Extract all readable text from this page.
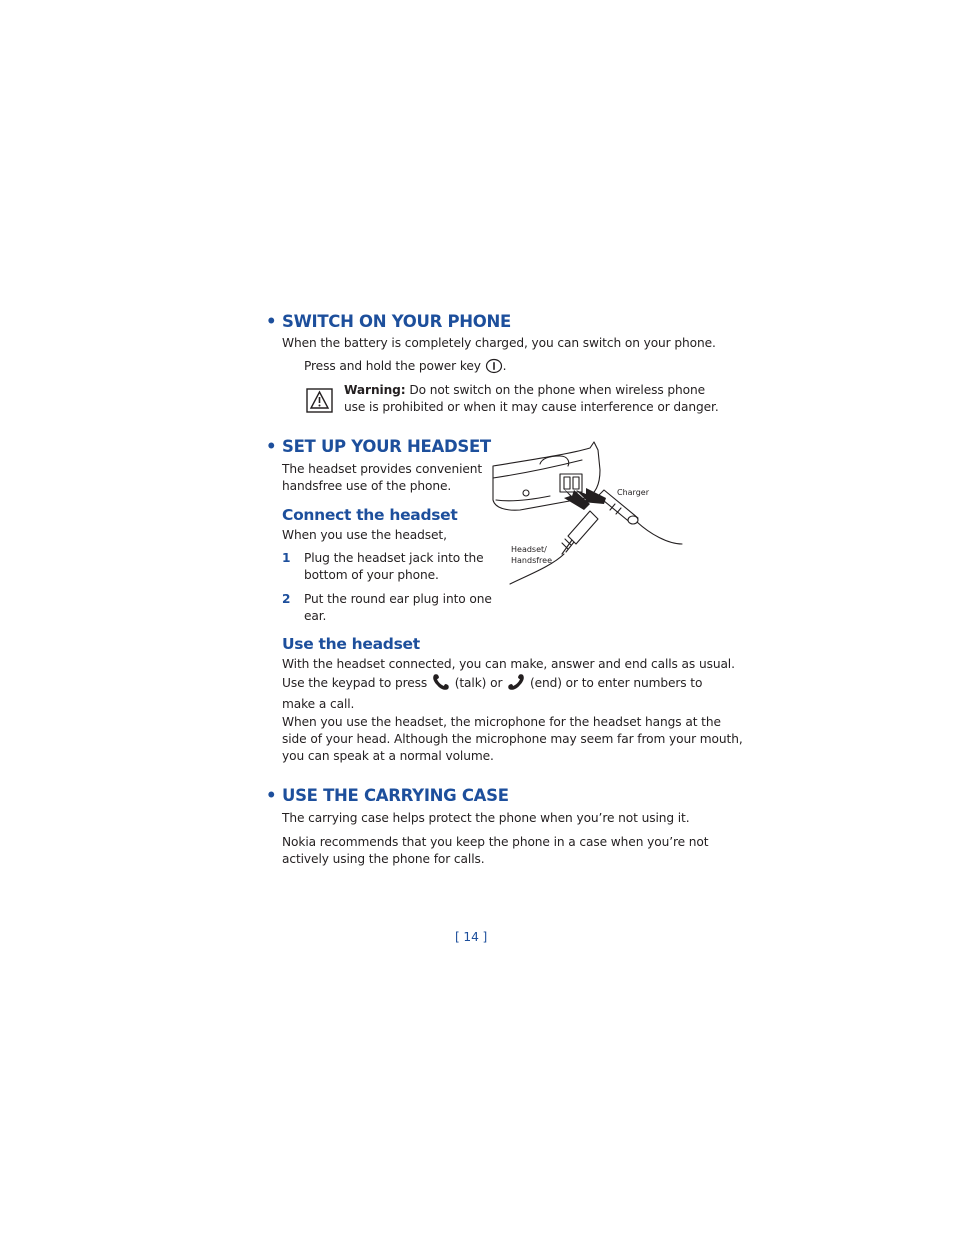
• SWITCH ON YOUR PHONE
When the battery is completely charged, you can switch on your phone.
Press and hold the power key .
Warning: Do not switch on the phone when wireless phone
use is prohibited or when it may cause interference or danger.
• SET UP YOUR HEADSET
The headset provides convenient
handsfree use of the phone.
Connect the headset
When you use the headset,
1 Plug the headset jack into the
bottom of your phone.
2 Put the round ear plug into one
ear.
Charger
Headset/
Handsfree
Use the headset
With the headset connected, you can make, answer and end calls as usual.
Use the keypad to press (talk) or (end) or to enter numbers to
make a call.
When you use the headset, the microphone for the headset hangs at the
side of your head. Although the microphone may seem far from your mouth,
you can speak at a normal volume.
• USE THE CARRYING CASE
The carrying case helps protect the phone when you’re not using it.
Nokia recommends that you keep the phone in a case when you’re not
actively using the phone for calls.
[ 14 ]
